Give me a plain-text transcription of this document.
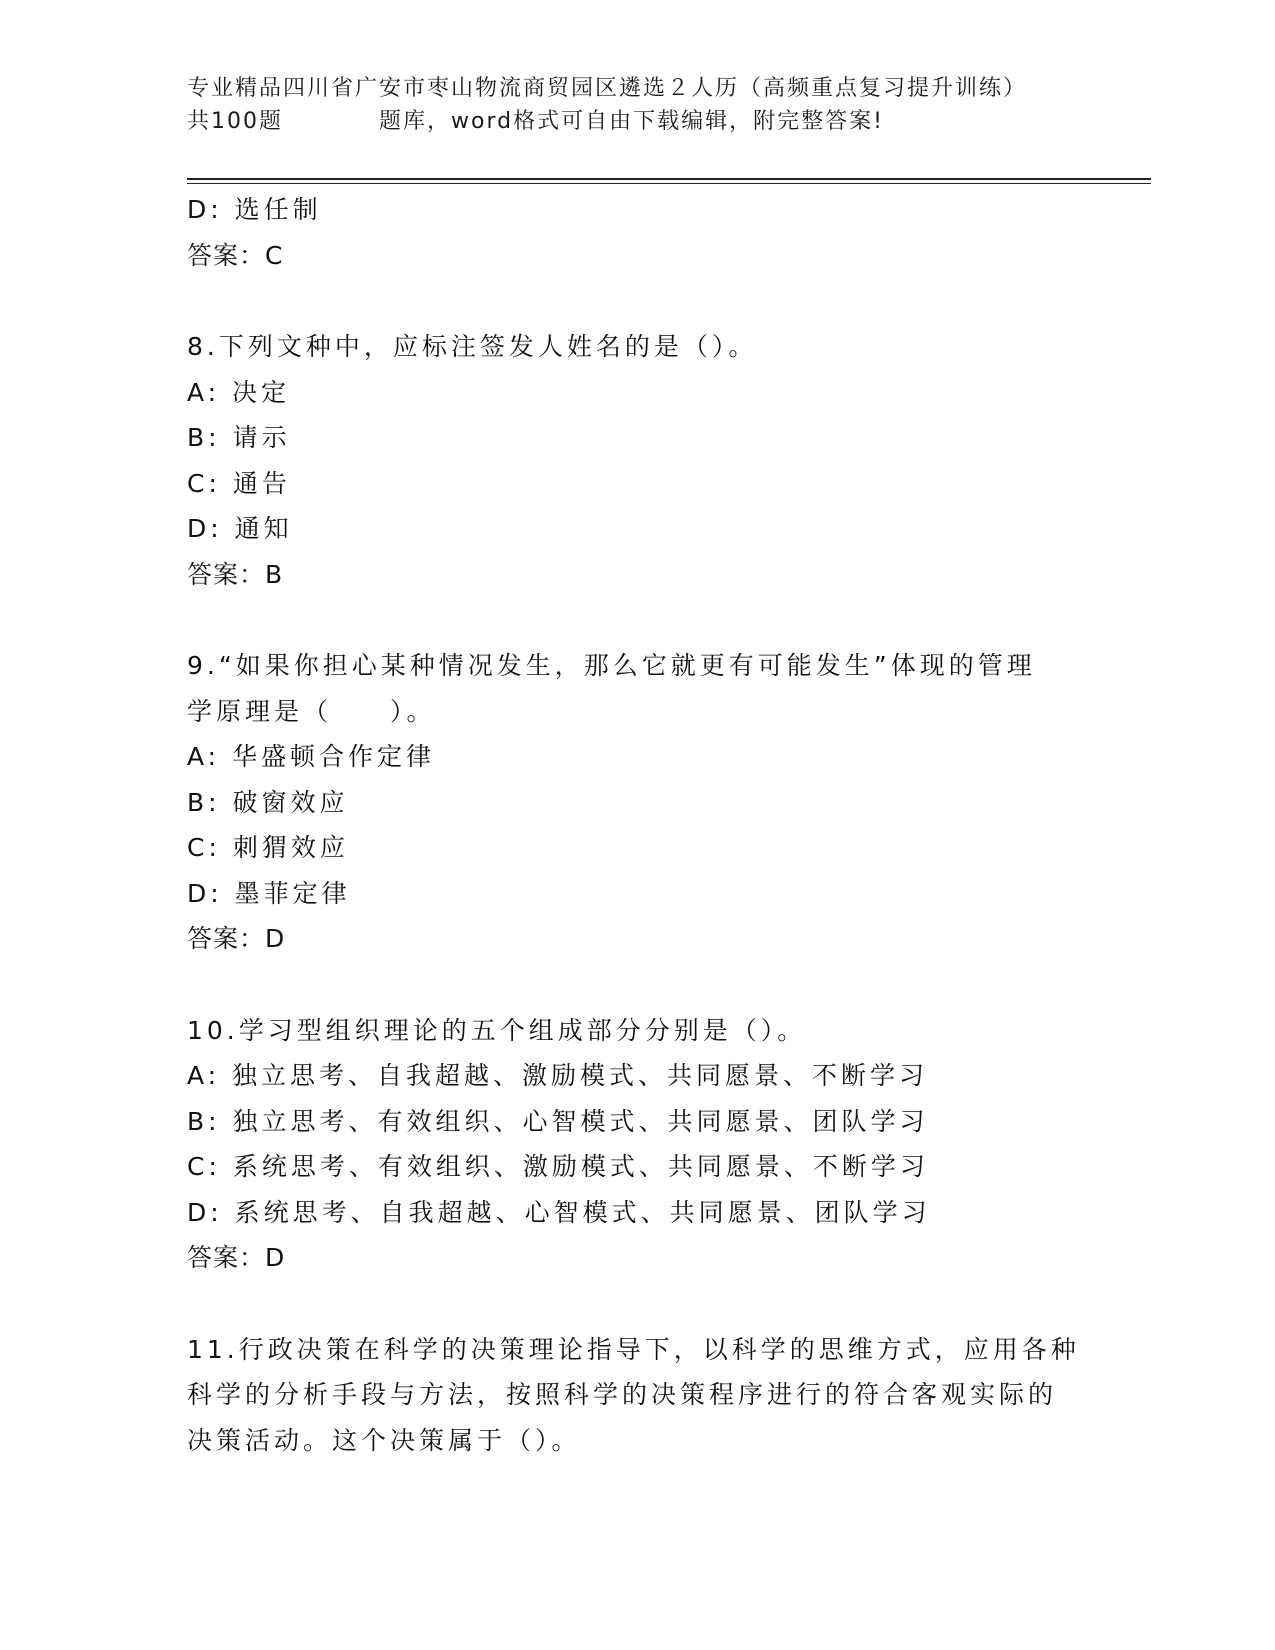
专业精品四川省广安市枣山物流商贸园区遴选２人历（高频重点复习提升训练）
共100题　　　　题库，word格式可自由下载编辑，附完整答案!
D: 选任制
答案：C
8.下列文种中，应标注签发人姓名的是（）。
A: 决定
B: 请示
C: 通告
D: 通知
答案：B
9.“如果你担心某种情况发生，那么它就更有可能发生”体现的管理
学原理是（　　）。
A: 华盛顿合作定律
B: 破窗效应
C: 刺猬效应
D: 墨菲定律
答案：D
10.学习型组织理论的五个组成部分分别是（）。
A: 独立思考、自我超越、激励模式、共同愿景、不断学习
B: 独立思考、有效组织、心智模式、共同愿景、团队学习
C: 系统思考、有效组织、激励模式、共同愿景、不断学习
D: 系统思考、自我超越、心智模式、共同愿景、团队学习
答案：D
11.行政决策在科学的决策理论指导下，以科学的思维方式，应用各种
科学的分析手段与方法，按照科学的决策程序进行的符合客观实际的
决策活动。这个决策属于（）。
